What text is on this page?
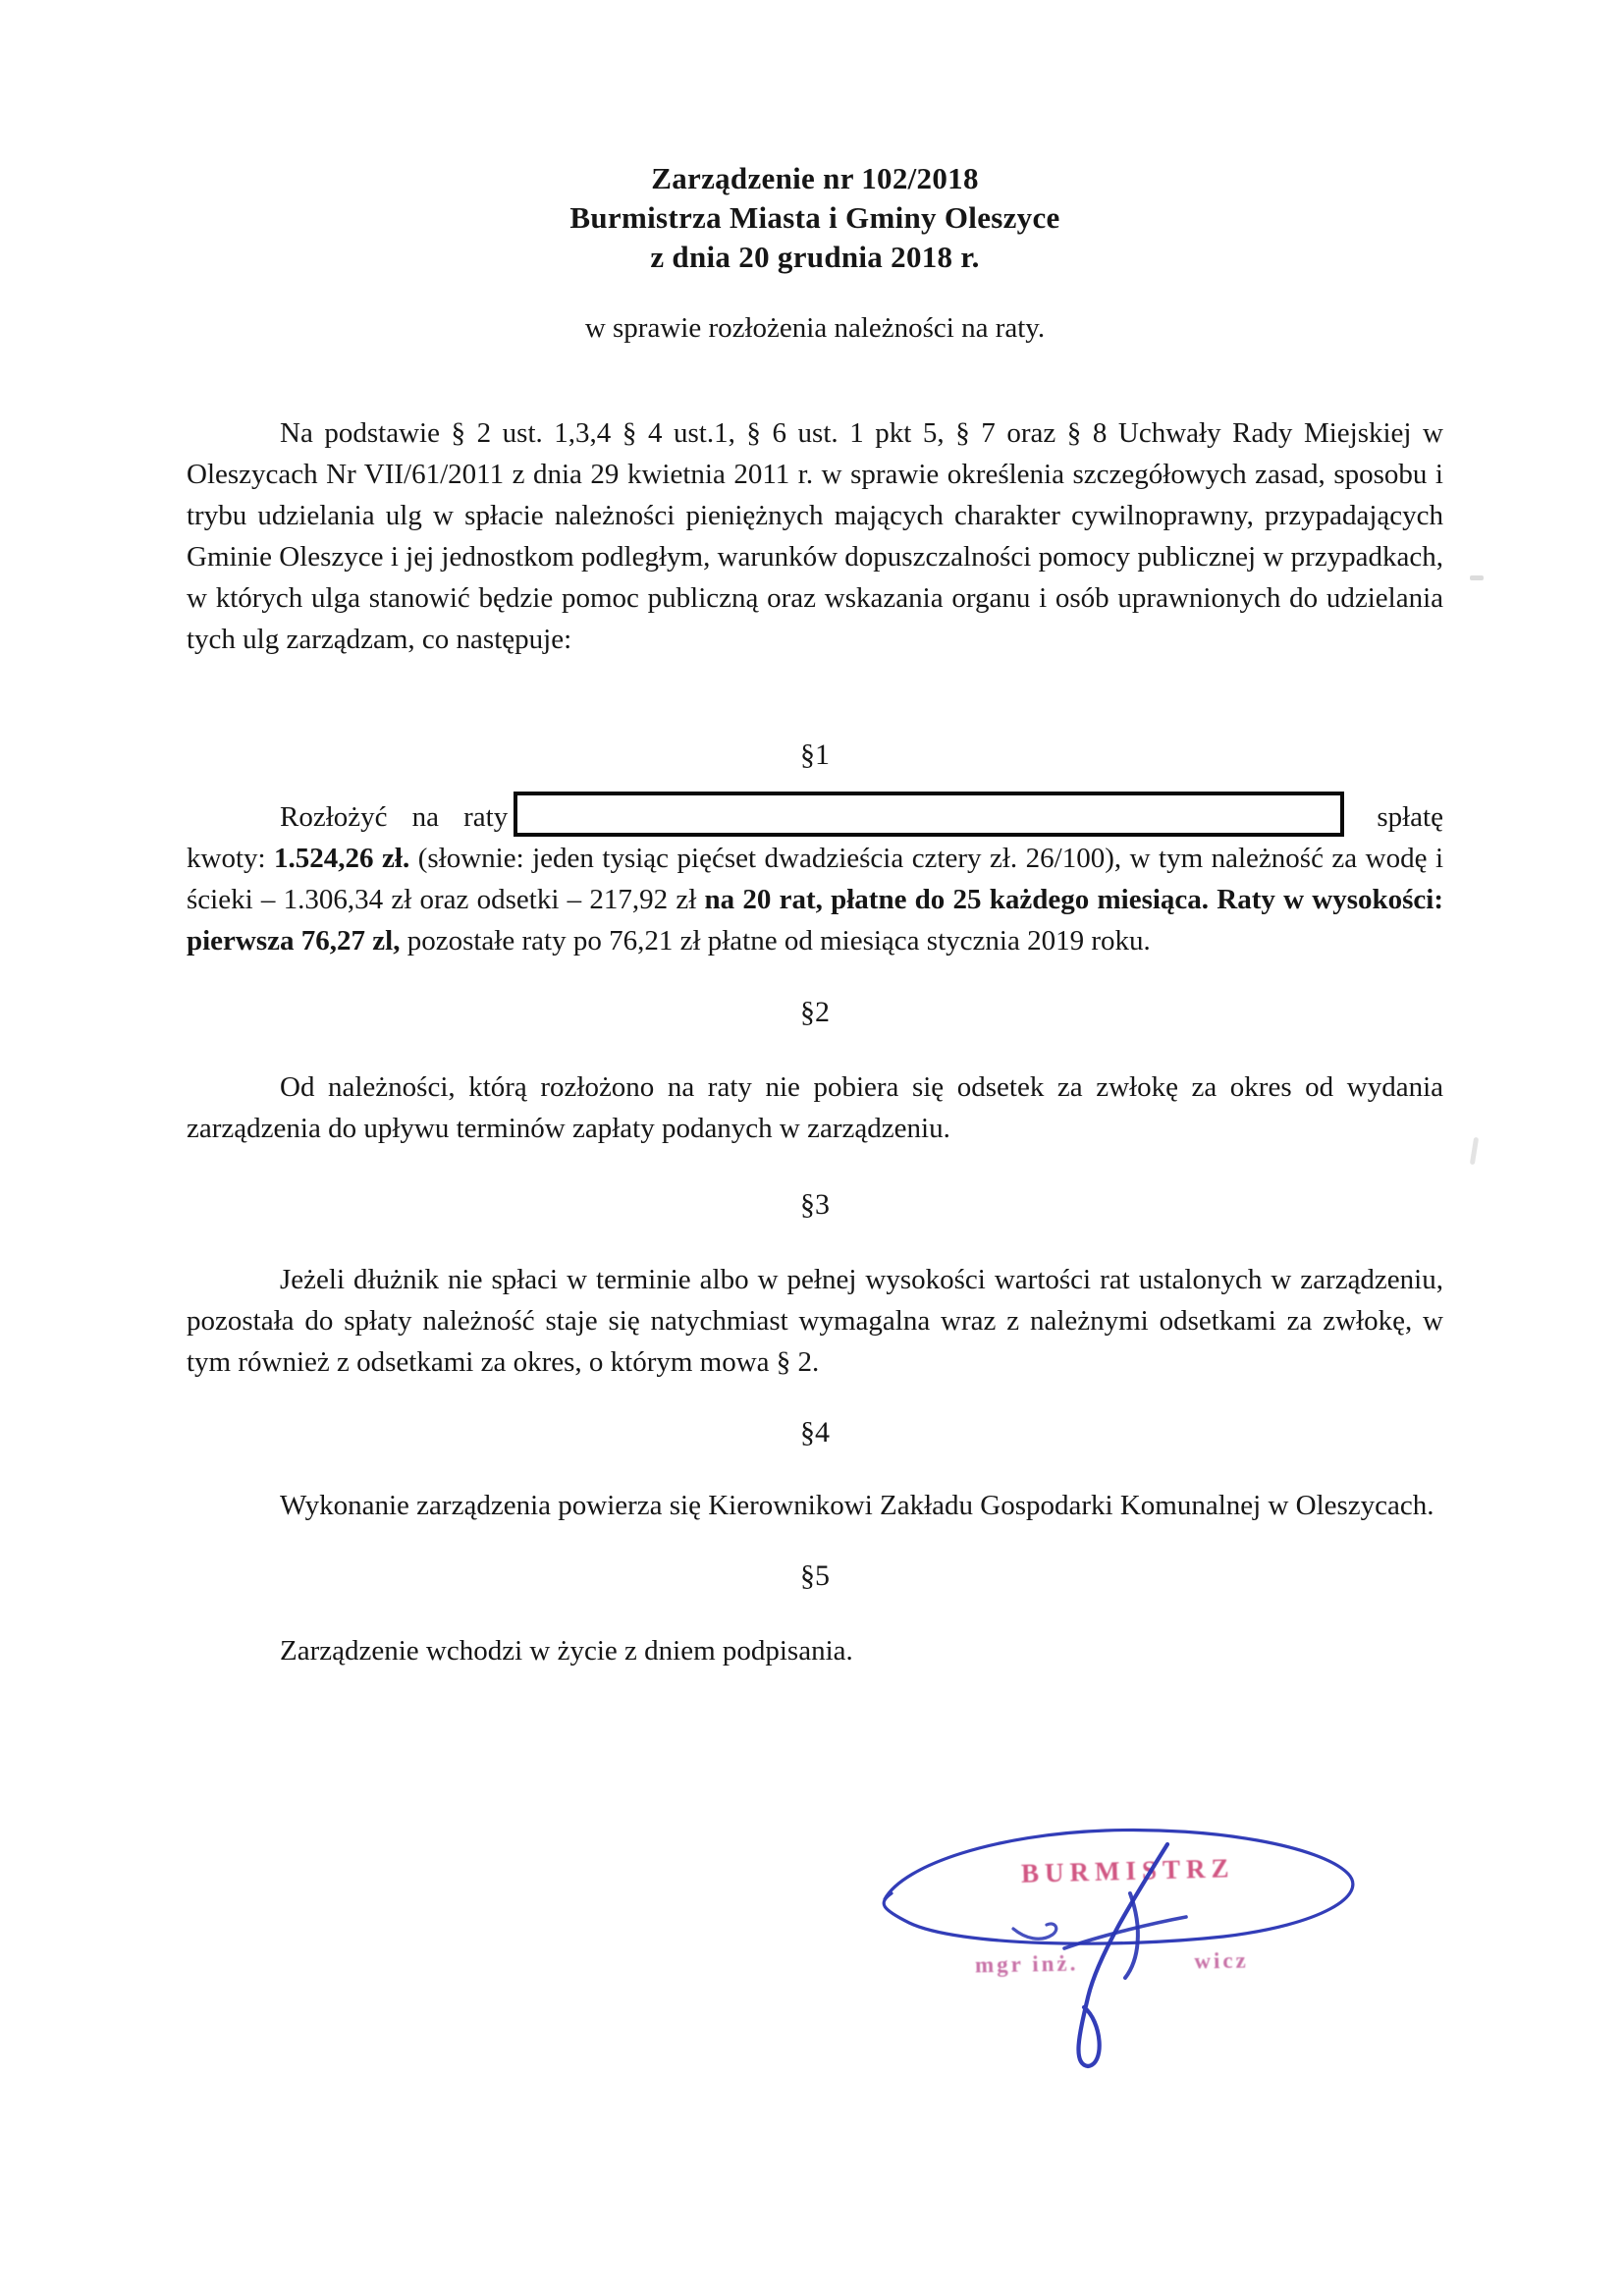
Zarządzenie nr 102/2018
Burmistrza Miasta i Gminy Oleszyce
z dnia 20 grudnia 2018 r.
w sprawie rozłożenia należności na raty.

Na podstawie § 2 ust. 1,3,4 § 4 ust.1, § 6 ust. 1 pkt 5, § 7 oraz § 8 Uchwały Rady Miejskiej w Oleszycach Nr VII/61/2011 z dnia 29 kwietnia 2011 r. w sprawie określenia szczegółowych zasad, sposobu i trybu udzielania ulg w spłacie należności pieniężnych mających charakter cywilnoprawny, przypadających Gminie Oleszyce i jej jednostkom podległym, warunków dopuszczalności pomocy publicznej w przypadkach, w których ulga stanowić będzie pomoc publiczną oraz wskazania organu i osób uprawnionych do udzielania tych ulg zarządzam, co następuje:

§1

Rozłożyć na raty	spłatę kwoty: 1.524,26 zł. (słownie: jeden tysiąc pięćset dwadzieścia cztery zł. 26/100), w tym należność za wodę i ścieki – 1.306,34 zł oraz odsetki – 217,92 zł na 20 rat, płatne do 25 każdego miesiąca. Raty w wysokości: pierwsza 76,27 zl, pozostałe raty po 76,21 zł płatne od miesiąca stycznia 2019 roku.

§2

Od należności, którą rozłożono na raty nie pobiera się odsetek za zwłokę za okres od wydania zarządzenia do upływu terminów zapłaty podanych w zarządzeniu.

§3

Jeżeli dłużnik nie spłaci w terminie albo w pełnej wysokości wartości rat ustalonych w zarządzeniu, pozostała do spłaty należność staje się natychmiast wymagalna wraz z należnymi odsetkami za zwłokę, w tym również z odsetkami za okres, o którym mowa § 2.

§4

Wykonanie zarządzenia powierza się Kierownikowi Zakładu Gospodarki Komunalnej w Oleszycach.

§5

Zarządzenie wchodzi w życie z dniem podpisania.

BURMISTRZ
mgr inż.	wicz
